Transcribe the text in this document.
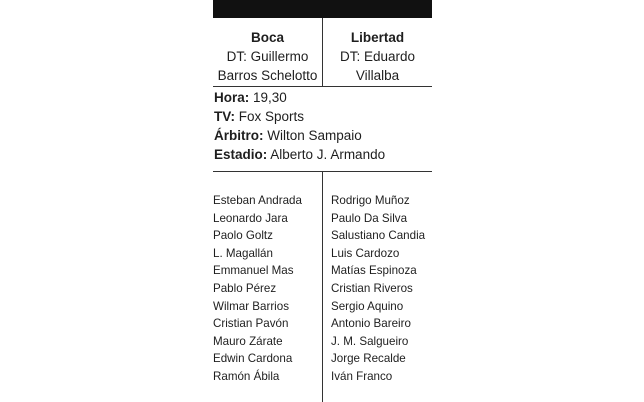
Boca
DT: Guillermo
Barros Schelotto
Libertad
DT: Eduardo
Villalba
Hora: 19,30
TV: Fox Sports
Árbitro: Wilton Sampaio
Estadio: Alberto J. Armando
Esteban Andrada
Leonardo Jara
Paolo Goltz
L. Magallán
Emmanuel Mas
Pablo Pérez
Wilmar Barrios
Cristian Pavón
Mauro Zárate
Edwin Cardona
Ramón Ábila
Rodrigo Muñoz
Paulo Da Silva
Salustiano Candia
Luis Cardozo
Matías Espinoza
Cristian Riveros
Sergio Aquino
Antonio Bareiro
J. M. Salgueiro
Jorge Recalde
Iván Franco
